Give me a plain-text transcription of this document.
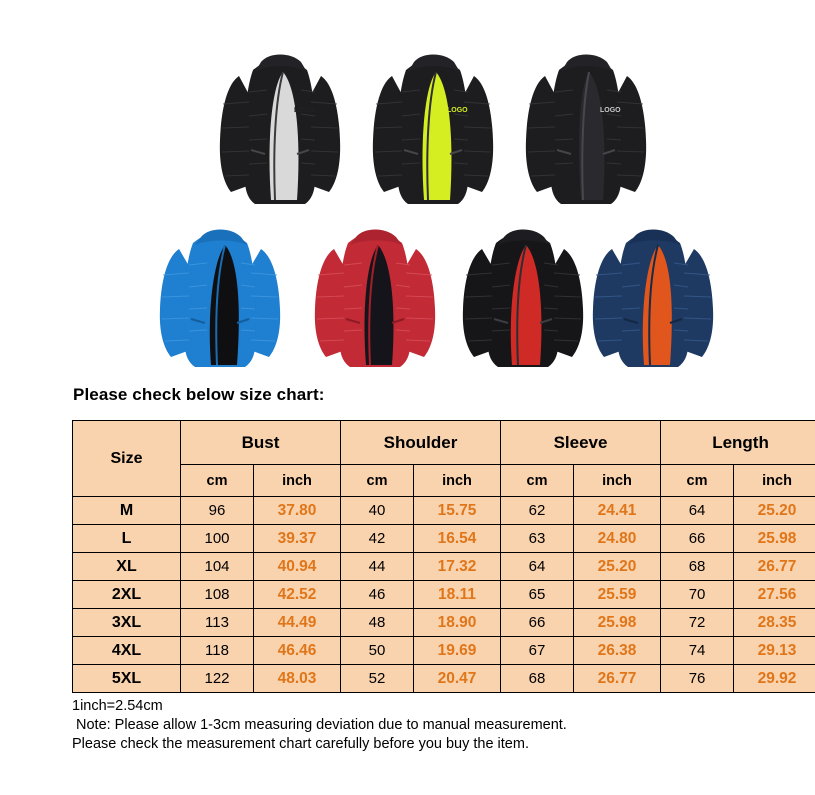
LOGO	LOGO	LOGO
Please check below size chart:
Size	Bust		Shoulder		Sleeve		Length	
	cm	inch	cm	inch	cm	inch	cm	inch
M	96	37.80	40	15.75	62	24.41	64	25.20
L	100	39.37	42	16.54	63	24.80	66	25.98
XL	104	40.94	44	17.32	64	25.20	68	26.77
2XL	108	42.52	46	18.11	65	25.59	70	27.56
3XL	113	44.49	48	18.90	66	25.98	72	28.35
4XL	118	46.46	50	19.69	67	26.38	74	29.13
5XL	122	48.03	52	20.47	68	26.77	76	29.92
1inch=2.54cm
Note: Please allow 1-3cm measuring deviation due to manual measurement.
Please check the measurement chart carefully before you buy the item.
